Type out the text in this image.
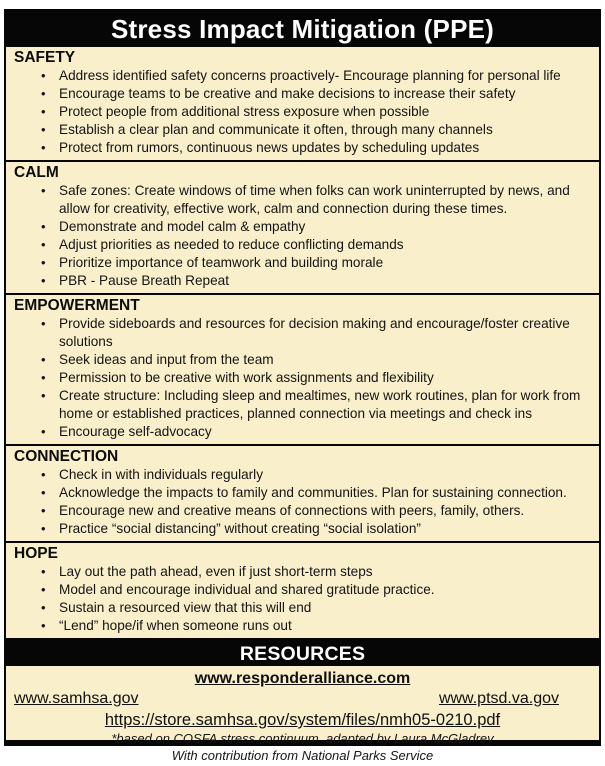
Stress Impact Mitigation (PPE)
SAFETY
•
Address identified safety concerns proactively- Encourage planning for personal life
•
Encourage teams to be creative and make decisions to increase their safety
•
Protect people from additional stress exposure when possible
•
Establish a clear plan and communicate it often, through many channels
•
Protect from rumors, continuous news updates by scheduling updates
CALM
•
Safe zones: Create windows of time when folks can work uninterrupted by news, and allow for creativity, effective work, calm and connection during these times.
•
Demonstrate and model calm & empathy
•
Adjust priorities as needed to reduce conflicting demands
•
Prioritize importance of teamwork and building morale
•
PBR - Pause Breath Repeat
EMPOWERMENT
•
Provide sideboards and resources for decision making and encourage/foster creative solutions
•
Seek ideas and input from the team
•
Permission to be creative with work assignments and flexibility
•
Create structure: Including sleep and mealtimes, new work routines, plan for work from home or established practices, planned connection via meetings and check ins
•
Encourage self-advocacy
CONNECTION
•
Check in with individuals regularly
•
Acknowledge the impacts to family and communities. Plan for sustaining connection.
•
Encourage new and creative means of connections with peers, family, others.
•
Practice “social distancing” without creating “social isolation”
HOPE
•
Lay out the path ahead, even if just short-term steps
•
Model and encourage individual and shared gratitude practice.
•
Sustain a resourced view that this will end
•
“Lend” hope/if when someone runs out
RESOURCES
www.responderalliance.com
www.samhsa.gov	www.ptsd.va.gov
https://store.samhsa.gov/system/files/nmh05-0210.pdf
*based on COSFA stress continuum, adapted by Laura McGladrey
With contribution from National Parks Service
